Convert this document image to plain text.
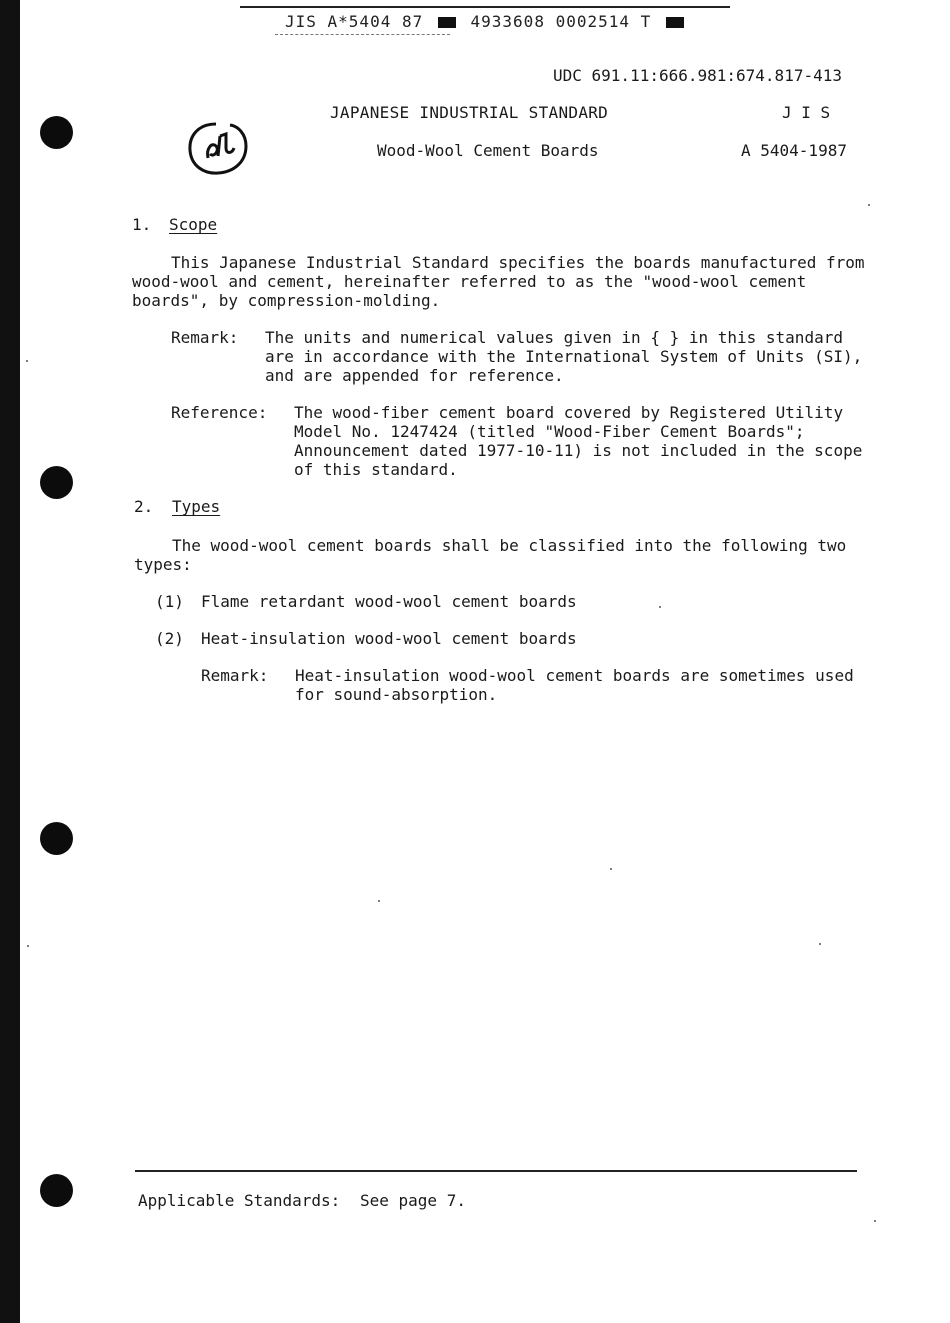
JIS A*5404 87	4933608 0002514 T
UDC 691.11:666.981:674.817-413
JAPANESE INDUSTRIAL STANDARD	J I S
Wood-Wool Cement Boards	A 5404-1987
1. Scope
This Japanese Industrial Standard specifies the boards manufactured from
wood-wool and cement, hereinafter referred to as the "wood-wool cement
boards", by compression-molding.
Remark: The units and numerical values given in { } in this standard
are in accordance with the International System of Units (SI),
and are appended for reference.
Reference: The wood-fiber cement board covered by Registered Utility
Model No. 1247424 (titled "Wood-Fiber Cement Boards";
Announcement dated 1977-10-11) is not included in the scope
of this standard.
2. Types
The wood-wool cement boards shall be classified into the following two
types:
(1) Flame retardant wood-wool cement boards
(2) Heat-insulation wood-wool cement boards
Remark: Heat-insulation wood-wool cement boards are sometimes used
for sound-absorption.
Applicable Standards: See page 7.
